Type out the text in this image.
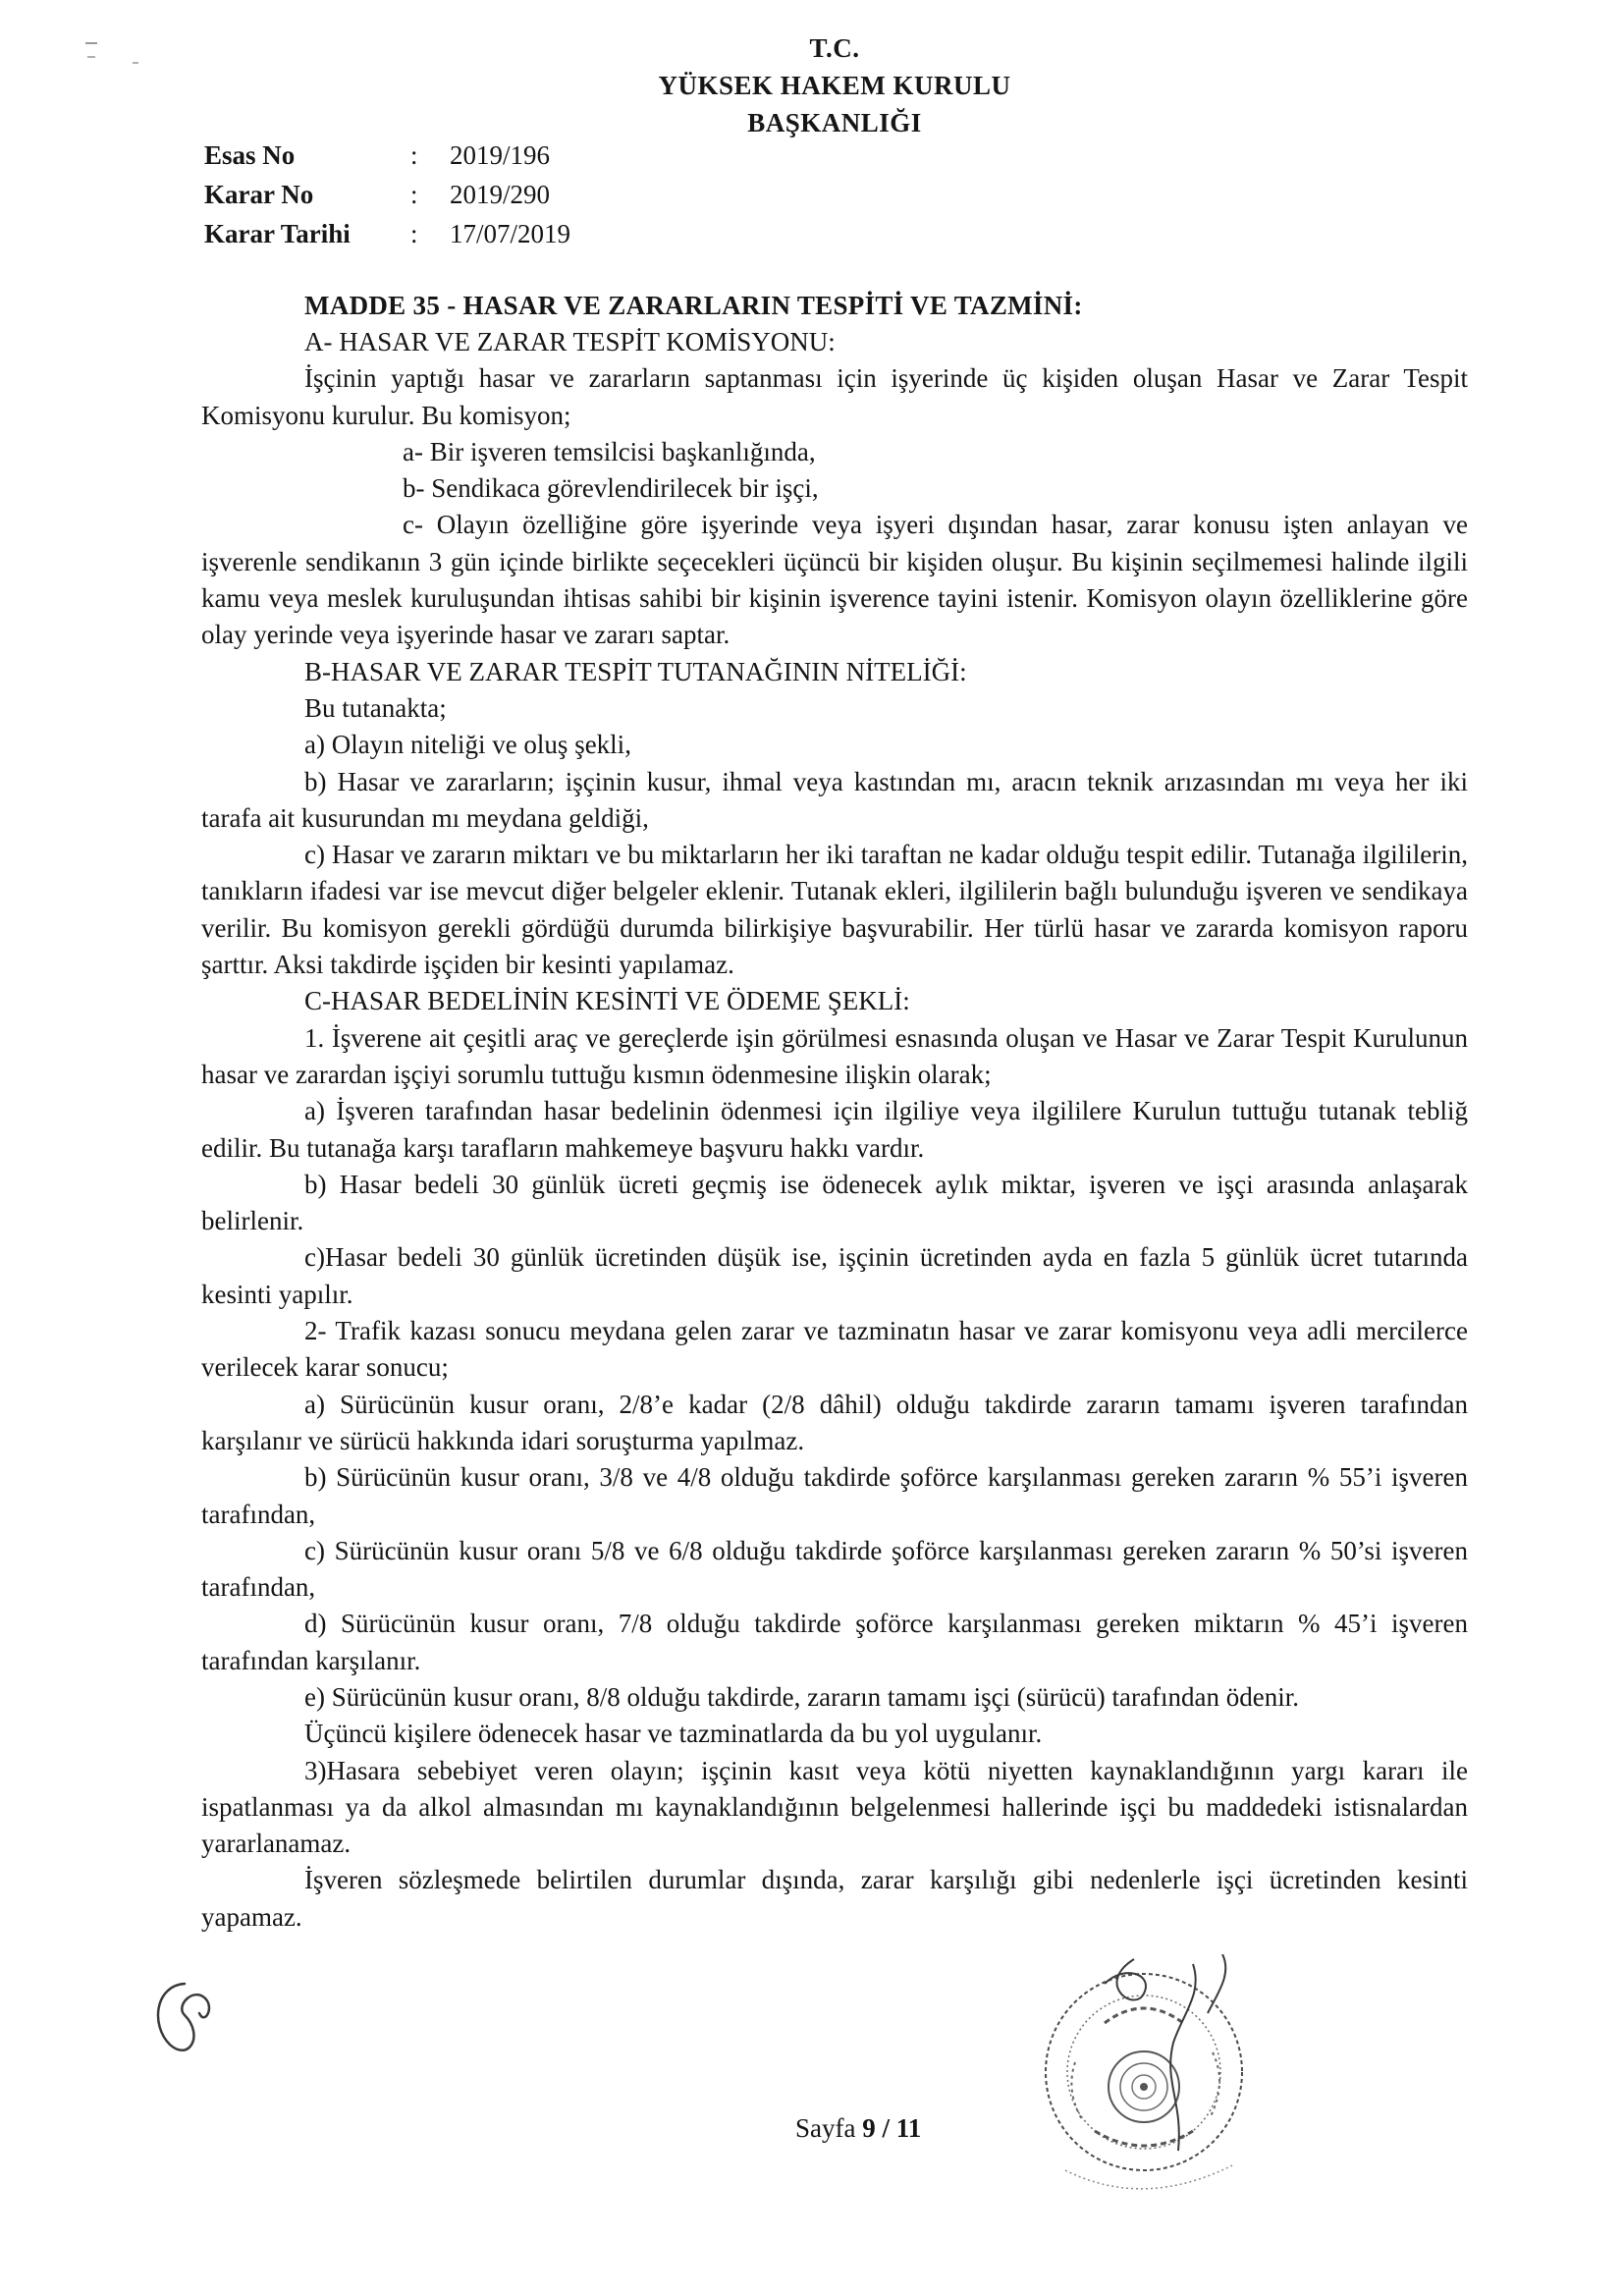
T.C.
YÜKSEK HAKEM KURULU
BAŞKANLIĞI
Esas No	:	2019/196
Karar No	:	2019/290
Karar Tarihi	:	17/07/2019
MADDE 35 - HASAR VE ZARARLARIN TESPİTİ VE TAZMİNİ:

A- HASAR VE ZARAR TESPİT KOMİSYONU:

İşçinin yaptığı hasar ve zararların saptanması için işyerinde üç kişiden oluşan Hasar ve Zarar Tespit Komisyonu kurulur. Bu komisyon;

a- Bir işveren temsilcisi başkanlığında,

b- Sendikaca görevlendirilecek bir işçi,

c- Olayın özelliğine göre işyerinde veya işyeri dışından hasar, zarar konusu işten anlayan ve işverenle sendikanın 3 gün içinde birlikte seçecekleri üçüncü bir kişiden oluşur. Bu kişinin seçilmemesi halinde ilgili kamu veya meslek kuruluşundan ihtisas sahibi bir kişinin işverence tayini istenir. Komisyon olayın özelliklerine göre olay yerinde veya işyerinde hasar ve zararı saptar.

B-HASAR VE ZARAR TESPİT TUTANAĞININ NİTELİĞİ:

Bu tutanakta;

a) Olayın niteliği ve oluş şekli,

b) Hasar ve zararların; işçinin kusur, ihmal veya kastından mı, aracın teknik arızasından mı veya her iki tarafa ait kusurundan mı meydana geldiği,

c) Hasar ve zararın miktarı ve bu miktarların her iki taraftan ne kadar olduğu tespit edilir. Tutanağa ilgililerin, tanıkların ifadesi var ise mevcut diğer belgeler eklenir. Tutanak ekleri, ilgililerin bağlı bulunduğu işveren ve sendikaya verilir. Bu komisyon gerekli gördüğü durumda bilirkişiye başvurabilir. Her türlü hasar ve zararda komisyon raporu şarttır. Aksi takdirde işçiden bir kesinti yapılamaz.

C-HASAR BEDELİNİN KESİNTİ VE ÖDEME ŞEKLİ:

1. İşverene ait çeşitli araç ve gereçlerde işin görülmesi esnasında oluşan ve Hasar ve Zarar Tespit Kurulunun hasar ve zarardan işçiyi sorumlu tuttuğu kısmın ödenmesine ilişkin olarak;

a) İşveren tarafından hasar bedelinin ödenmesi için ilgiliye veya ilgililere Kurulun tuttuğu tutanak tebliğ edilir. Bu tutanağa karşı tarafların mahkemeye başvuru hakkı vardır.

b) Hasar bedeli 30 günlük ücreti geçmiş ise ödenecek aylık miktar, işveren ve işçi arasında anlaşarak belirlenir.

c)Hasar bedeli 30 günlük ücretinden düşük ise, işçinin ücretinden ayda en fazla 5 günlük ücret tutarında kesinti yapılır.

2- Trafik kazası sonucu meydana gelen zarar ve tazminatın hasar ve zarar komisyonu veya adli mercilerce verilecek karar sonucu;

a) Sürücünün kusur oranı, 2/8’e kadar (2/8 dâhil) olduğu takdirde zararın tamamı işveren tarafından karşılanır ve sürücü hakkında idari soruşturma yapılmaz.

b) Sürücünün kusur oranı, 3/8 ve 4/8 olduğu takdirde şoförce karşılanması gereken zararın % 55’i işveren tarafından,

c) Sürücünün kusur oranı 5/8 ve 6/8 olduğu takdirde şoförce karşılanması gereken zararın % 50’si işveren tarafından,

d) Sürücünün kusur oranı, 7/8 olduğu takdirde şoförce karşılanması gereken miktarın % 45’i işveren tarafından karşılanır.

e) Sürücünün kusur oranı, 8/8 olduğu takdirde, zararın tamamı işçi (sürücü) tarafından ödenir.

Üçüncü kişilere ödenecek hasar ve tazminatlarda da bu yol uygulanır.

3)Hasara sebebiyet veren olayın; işçinin kasıt veya kötü niyetten kaynaklandığının yargı kararı ile ispatlanması ya da alkol almasından mı kaynaklandığının belgelenmesi hallerinde işçi bu maddedeki istisnalardan yararlanamaz.

İşveren sözleşmede belirtilen durumlar dışında, zarar karşılığı gibi nedenlerle işçi ücretinden kesinti yapamaz.

Sayfa 9 / 11
